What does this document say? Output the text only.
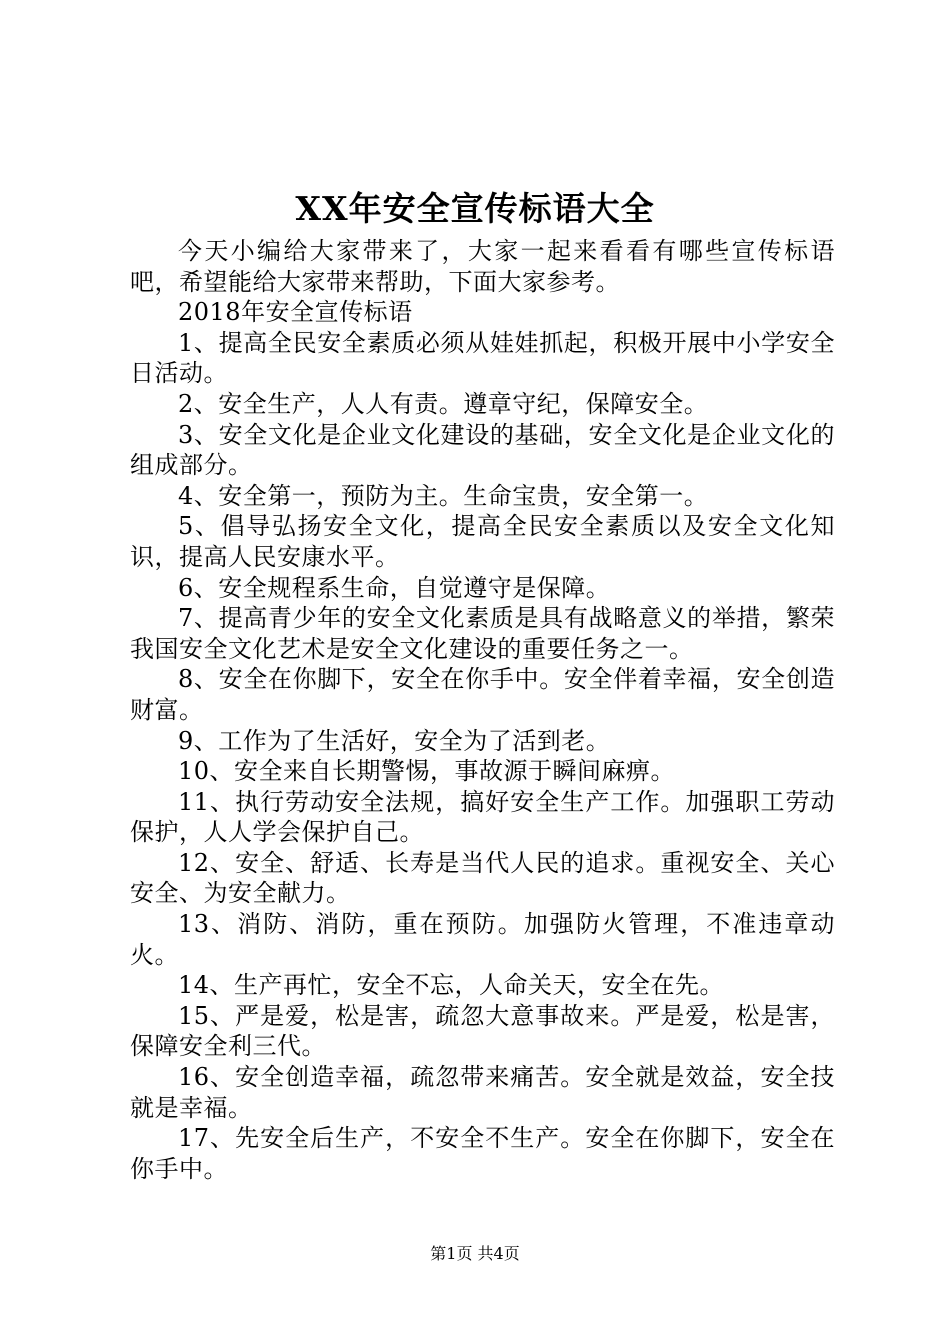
XX年安全宣传标语大全

今天小编给大家带来了，大家一起来看看有哪些宣传标语吧，希望能给大家带来帮助，下面大家参考。

2018年安全宣传标语

1、提高全民安全素质必须从娃娃抓起，积极开展中小学安全日活动。

2、安全生产，人人有责。遵章守纪，保障安全。

3、安全文化是企业文化建设的基础，安全文化是企业文化的组成部分。

4、安全第一，预防为主。生命宝贵，安全第一。

5、倡导弘扬安全文化，提高全民安全素质以及安全文化知识，提高人民安康水平。

6、安全规程系生命，自觉遵守是保障。

7、提高青少年的安全文化素质是具有战略意义的举措，繁荣我国安全文化艺术是安全文化建设的重要任务之一。

8、安全在你脚下，安全在你手中。安全伴着幸福，安全创造财富。

9、工作为了生活好，安全为了活到老。

10、安全来自长期警惕，事故源于瞬间麻痹。

11、执行劳动安全法规，搞好安全生产工作。加强职工劳动保护，人人学会保护自己。

12、安全、舒适、长寿是当代人民的追求。重视安全、关心安全、为安全献力。

13、消防、消防，重在预防。加强防火管理，不准违章动火。

14、生产再忙，安全不忘，人命关天，安全在先。

15、严是爱，松是害，疏忽大意事故来。严是爱，松是害，保障安全利三代。

16、安全创造幸福，疏忽带来痛苦。安全就是效益，安全技就是幸福。

17、先安全后生产，不安全不生产。安全在你脚下，安全在你手中。

第1页 共4页
